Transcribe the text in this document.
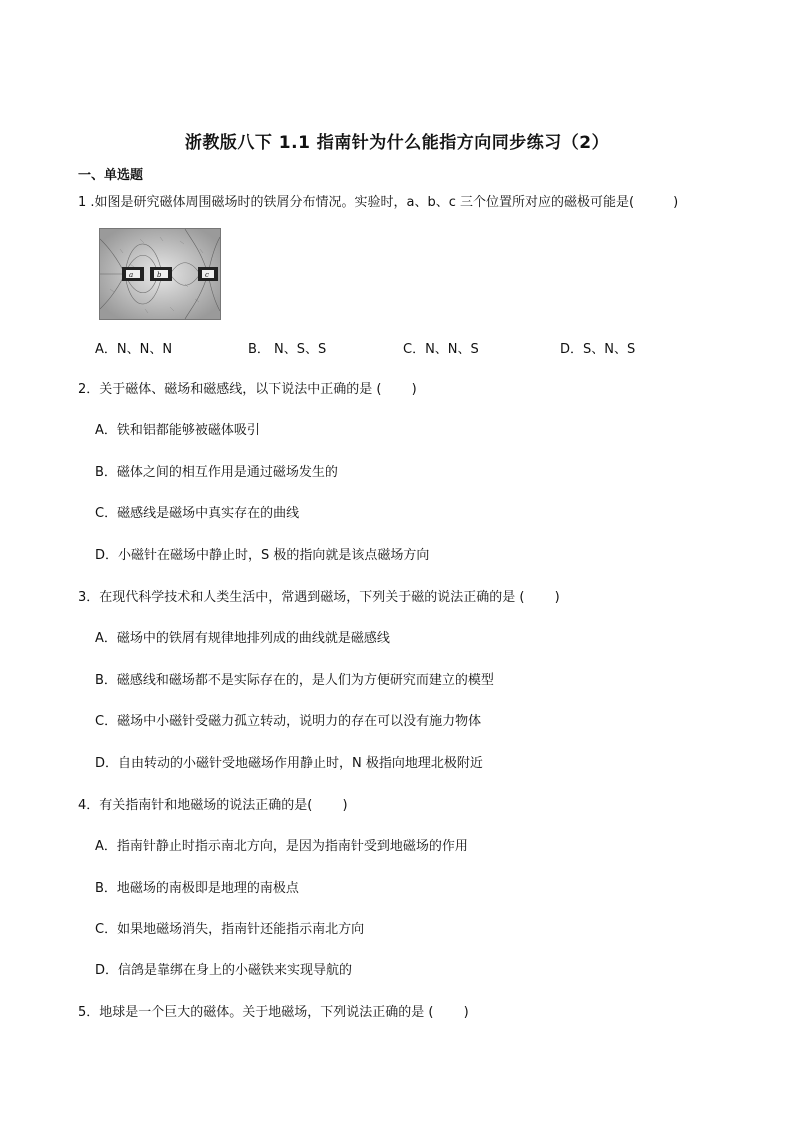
浙教版八下 1.1 指南针为什么能指方向同步练习（2）
一、单选题
1 .如图是研究磁体周围磁场时的铁屑分布情况。实验时，a、b、c 三个位置所对应的磁极可能是(　　　)
a	b	c
A．N、N、N	B． N、S、S	C．N、N、S	D．S、N、S
2．关于磁体、磁场和磁感线，以下说法中正确的是 (　　 )
A．铁和铝都能够被磁体吸引
B．磁体之间的相互作用是通过磁场发生的
C．磁感线是磁场中真实存在的曲线
D．小磁针在磁场中静止时，S 极的指向就是该点磁场方向
3．在现代科学技术和人类生活中，常遇到磁场，下列关于磁的说法正确的是 (　　 )
A．磁场中的铁屑有规律地排列成的曲线就是磁感线
B．磁感线和磁场都不是实际存在的，是人们为方便研究而建立的模型
C．磁场中小磁针受磁力孤立转动，说明力的存在可以没有施力物体
D．自由转动的小磁针受地磁场作用静止时，N 极指向地理北极附近
4．有关指南针和地磁场的说法正确的是(　　 )
A．指南针静止时指示南北方向，是因为指南针受到地磁场的作用
B．地磁场的南极即是地理的南极点
C．如果地磁场消失，指南针还能指示南北方向
D．信鸽是靠绑在身上的小磁铁来实现导航的
5．地球是一个巨大的磁体。关于地磁场，下列说法正确的是 (　　 )
